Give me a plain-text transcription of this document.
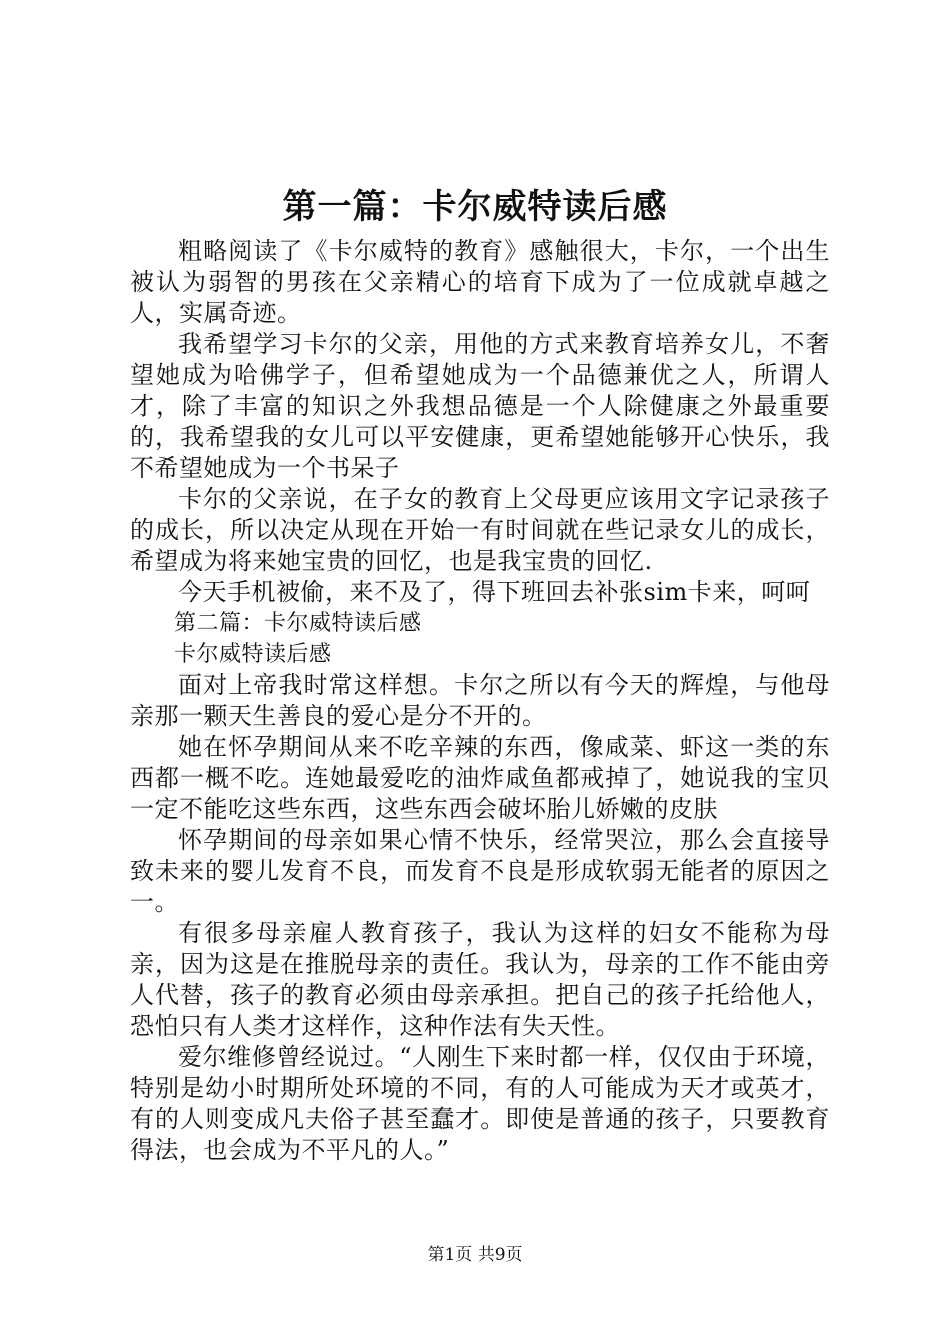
第一篇：卡尔威特读后感

粗略阅读了《卡尔威特的教育》感触很大，卡尔，一个出生被认为弱智的男孩在父亲精心的培育下成为了一位成就卓越之人，实属奇迹。

我希望学习卡尔的父亲，用他的方式来教育培养女儿，不奢望她成为哈佛学子，但希望她成为一个品德兼优之人，所谓人才，除了丰富的知识之外我想品德是一个人除健康之外最重要的，我希望我的女儿可以平安健康，更希望她能够开心快乐，我不希望她成为一个书呆子

卡尔的父亲说，在子女的教育上父母更应该用文字记录孩子的成长，所以决定从现在开始一有时间就在些记录女儿的成长，希望成为将来她宝贵的回忆，也是我宝贵的回忆.

今天手机被偷，来不及了，得下班回去补张sim卡来，呵呵

第二篇：卡尔威特读后感

卡尔威特读后感

面对上帝我时常这样想。卡尔之所以有今天的辉煌，与他母亲那一颗天生善良的爱心是分不开的。

她在怀孕期间从来不吃辛辣的东西，像咸菜、虾这一类的东西都一概不吃。连她最爱吃的油炸咸鱼都戒掉了，她说我的宝贝一定不能吃这些东西，这些东西会破坏胎儿娇嫩的皮肤

怀孕期间的母亲如果心情不快乐，经常哭泣，那么会直接导致未来的婴儿发育不良，而发育不良是形成软弱无能者的原因之一。

有很多母亲雇人教育孩子，我认为这样的妇女不能称为母亲，因为这是在推脱母亲的责任。我认为，母亲的工作不能由旁人代替，孩子的教育必须由母亲承担。把自己的孩子托给他人，恐怕只有人类才这样作，这种作法有失天性。

爱尔维修曾经说过。“人刚生下来时都一样，仅仅由于环境，特别是幼小时期所处环境的不同，有的人可能成为天才或英才，有的人则变成凡夫俗子甚至蠢才。即使是普通的孩子，只要教育得法，也会成为不平凡的人。”

第1页 共9页
